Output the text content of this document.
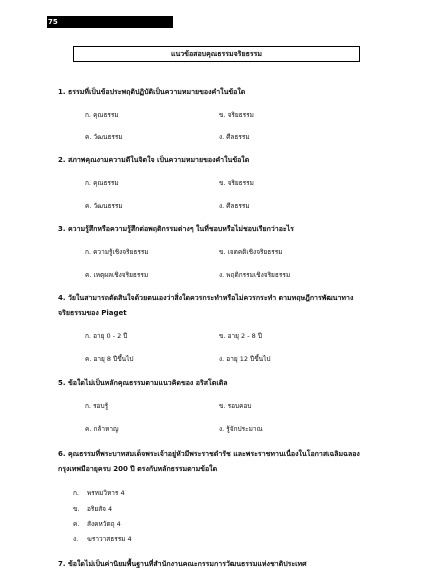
75
แนวข้อสอบคุณธรรมจริยธรรม
1. ธรรมที่เป็นข้อประพฤติปฏิบัติเป็นความหมายของคำในข้อใด
ก. คุณธรรม	ข. จริยธรรม
ค. วัฒนธรรม	ง. ศีลธรรม
2. สภาพคุณงามความดีในจิตใจ เป็นความหมายของคำในข้อใด
ก. คุณธรรม	ข. จริยธรรม
ค. วัฒนธรรม	ง. ศีลธรรม
3. ความรู้สึกหรือความรู้สึกต่อพฤติกรรมต่างๆ ในที่ชอบหรือไม่ชอบเรียกว่าอะไร
ก. ความรู้เชิงจริยธรรม	ข. เจตคติเชิงจริยธรรม
ค. เหตุผลเชิงจริยธรรม	ง. พฤติกรรมเชิงจริยธรรม
4. วัยในสามารถตัดสินใจด้วยตนเองว่าสิ่งใดควรกระทำหรือไม่ควรกระทำ ตามทฤษฎีการพัฒนาทาง
จริยธรรมของ Piaget
ก. อายุ 0 - 2 ปี	ข. อายุ 2 - 8 ปี
ค. อายุ 8 ปีขึ้นไป	ง. อายุ 12 ปีขึ้นไป
5. ข้อใดไม่เป็นหลักคุณธรรมตามแนวคิดของ อริสโตเติล
ก. รอบรู้	ข. รอบคอบ
ค. กล้าหาญ	ง. รู้จักประมาณ
6. คุณธรรมที่พระบาทสมเด็จพระเจ้าอยู่หัวมีพระราชดำรัช และพระราชทานเนื่องในโอกาสเฉลิมฉลอง
กรุงเทพมีอายุครบ 200 ปี ตรงกับหลักธรรมตามข้อใด
ก. พรหมวิหาร 4
ข. อริยสัจ 4
ค. สังคหวัตถุ 4
ง. ฆราวาสธรรม 4
7. ข้อใดไม่เป็นค่านิยมพื้นฐานที่สำนักงานคณะกรรมการวัฒนธรรมแห่งชาติประเทศ
